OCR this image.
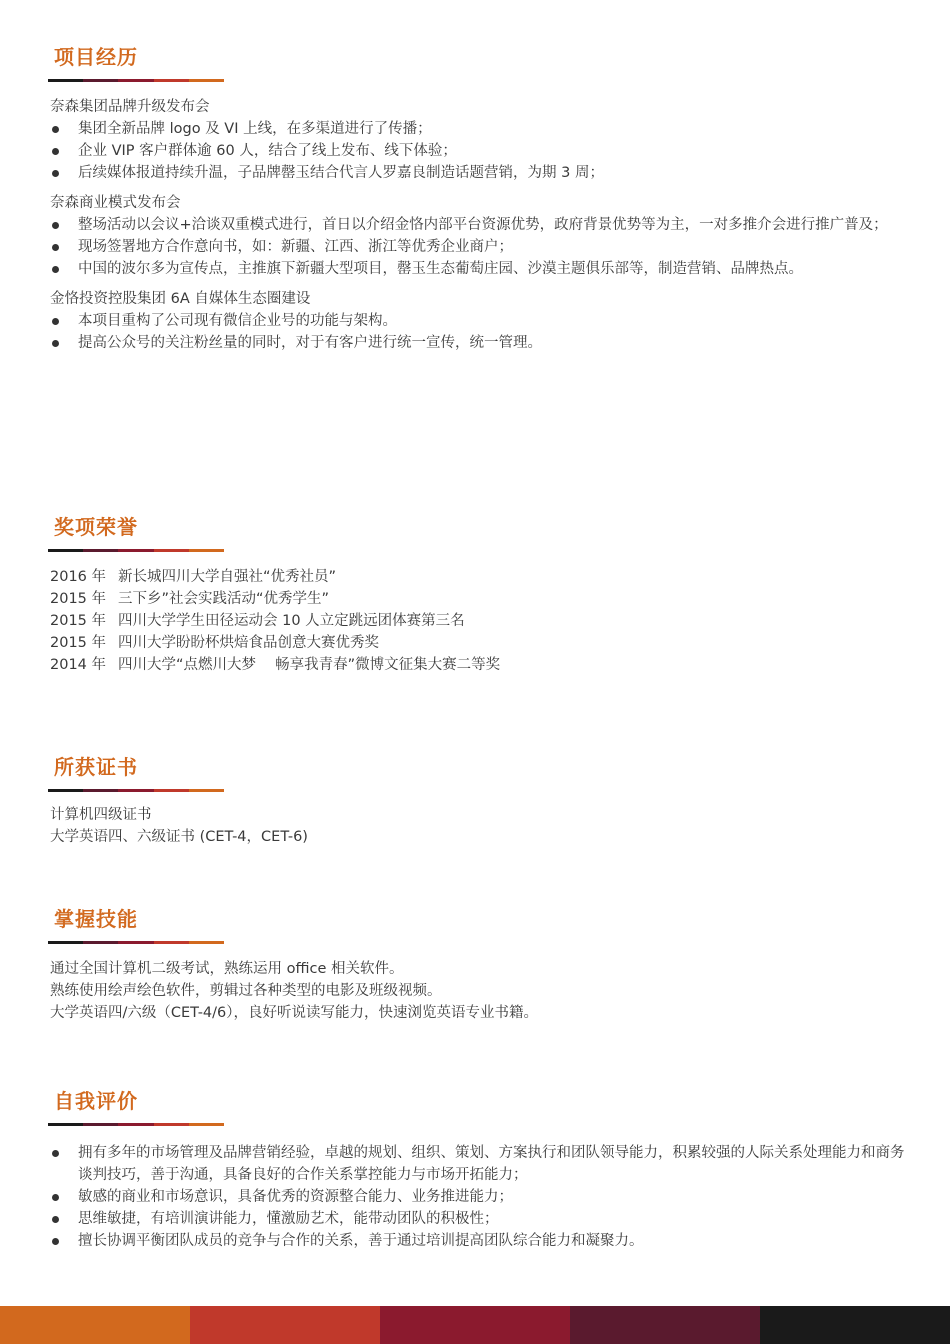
项目经历

奈森集团品牌升级发布会

集团全新品牌 logo 及 VI 上线，在多渠道进行了传播；
企业 VIP 客户群体逾 60 人，结合了线上发布、线下体验；
后续媒体报道持续升温，子品牌罄玉结合代言人罗嘉良制造话题营销，为期 3 周；

奈森商业模式发布会

整场活动以会议+洽谈双重模式进行，首日以介绍金恪内部平台资源优势，政府背景优势等为主，一对多推介会进行推广普及；
现场签署地方合作意向书，如：新疆、江西、浙江等优秀企业商户；
中国的波尔多为宣传点，主推旗下新疆大型项目，罄玉生态葡萄庄园、沙漠主题俱乐部等，制造营销、品牌热点。

金恪投资控股集团 6A 自媒体生态圈建设

本项目重构了公司现有微信企业号的功能与架构。
提高公众号的关注粉丝量的同时，对于有客户进行统一宣传，统一管理。
奖项荣誉

2016 年 新长城四川大学自强社“优秀社员”

2015 年 三下乡”社会实践活动“优秀学生”

2015 年 四川大学学生田径运动会 10 人立定跳远团体赛第三名

2015 年 四川大学盼盼杯烘焙食品创意大赛优秀奖

2014 年 四川大学“点燃川大梦　 畅享我青春”微博文征集大赛二等奖

所获证书

计算机四级证书

大学英语四、六级证书 (CET-4，CET-6)

掌握技能

通过全国计算机二级考试，熟练运用 office 相关软件。

熟练使用绘声绘色软件，剪辑过各种类型的电影及班级视频。

大学英语四/六级（CET-4/6），良好听说读写能力，快速浏览英语专业书籍。

自我评价
拥有多年的市场管理及品牌营销经验，卓越的规划、组织、策划、方案执行和团队领导能力，积累较强的人际关系处理能力和商务谈判技巧，善于沟通，具备良好的合作关系掌控能力与市场开拓能力；
敏感的商业和市场意识，具备优秀的资源整合能力、业务推进能力；
思维敏捷，有培训演讲能力，懂激励艺术，能带动团队的积极性；
擅长协调平衡团队成员的竞争与合作的关系，善于通过培训提高团队综合能力和凝聚力。
